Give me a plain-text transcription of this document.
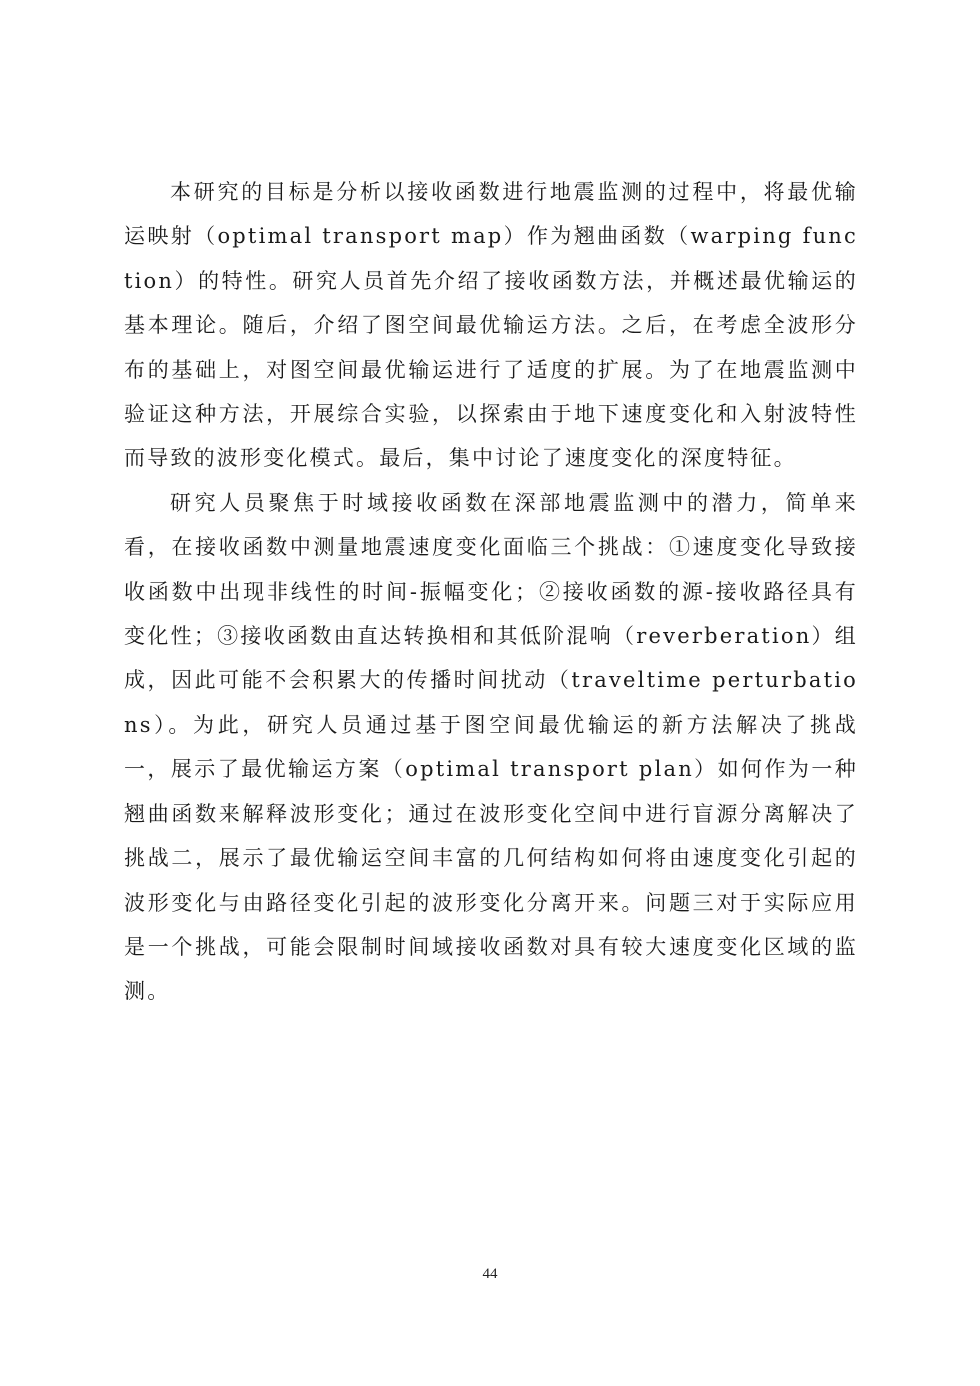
本研究的目标是分析以接收函数进行地震监测的过程中，将最优输运映射（optimal transport map）作为翘曲函数（warping function）的特性。研究人员首先介绍了接收函数方法，并概述最优输运的基本理论。随后，介绍了图空间最优输运方法。之后，在考虑全波形分布的基础上，对图空间最优输运进行了适度的扩展。为了在地震监测中验证这种方法，开展综合实验，以探索由于地下速度变化和入射波特性而导致的波形变化模式。最后，集中讨论了速度变化的深度特征。

研究人员聚焦于时域接收函数在深部地震监测中的潜力，简单来看，在接收函数中测量地震速度变化面临三个挑战：①速度变化导致接收函数中出现非线性的时间-振幅变化；②接收函数的源-接收路径具有变化性；③接收函数由直达转换相和其低阶混响（reverberation）组成，因此可能不会积累大的传播时间扰动（traveltime perturbations）。为此，研究人员通过基于图空间最优输运的新方法解决了挑战一，展示了最优输运方案（optimal transport plan）如何作为一种翘曲函数来解释波形变化；通过在波形变化空间中进行盲源分离解决了挑战二，展示了最优输运空间丰富的几何结构如何将由速度变化引起的波形变化与由路径变化引起的波形变化分离开来。问题三对于实际应用是一个挑战，可能会限制时间域接收函数对具有较大速度变化区域的监测。

44
